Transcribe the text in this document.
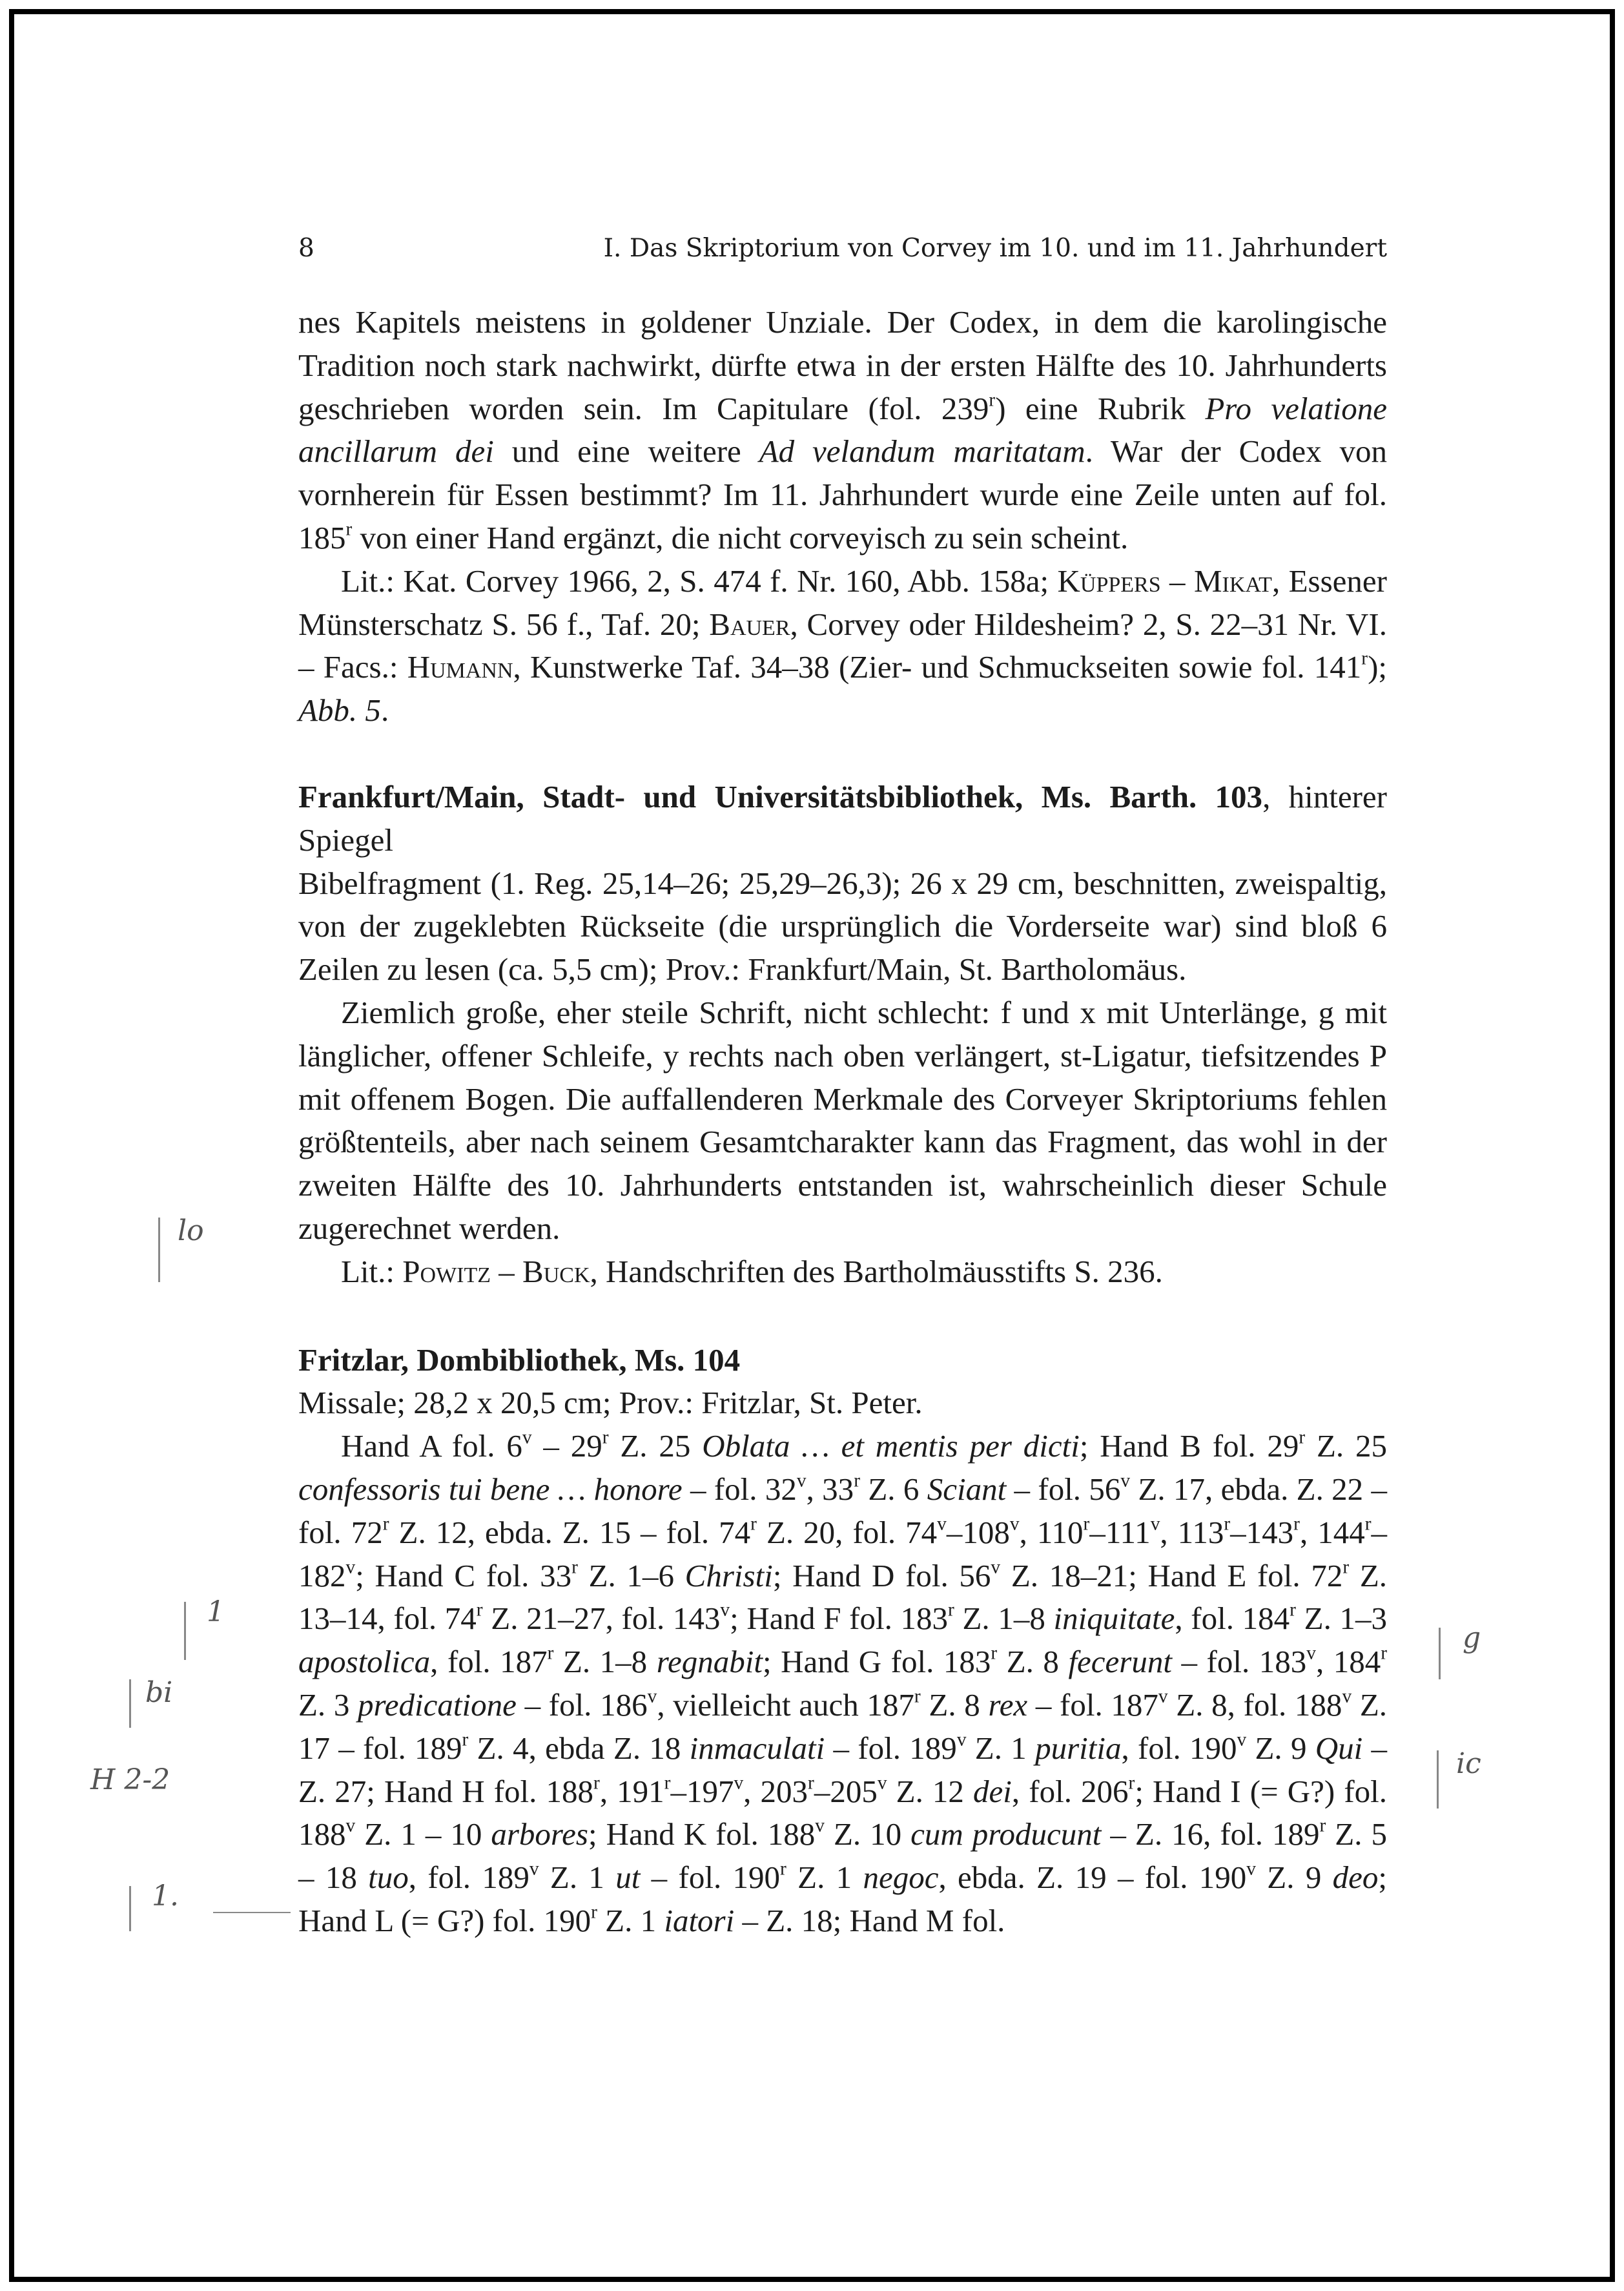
8	I. Das Skriptorium von Corvey im 10. und im 11. Jahrhundert

nes Kapitels meistens in goldener Unziale. Der Codex, in dem die karolingische Tradition noch stark nachwirkt, dürfte etwa in der ersten Hälfte des 10. Jahrhunderts geschrieben worden sein. Im Capitulare (fol. 239$^r$) eine Rubrik Pro velatione ancillarum dei und eine weitere Ad velandum maritatam. War der Codex von vornherein für Essen bestimmt? Im 11. Jahrhundert wurde eine Zeile unten auf fol. 185$^r$ von einer Hand ergänzt, die nicht corveyisch zu sein scheint.

Lit.: Kat. Corvey 1966, 2, S. 474 f. Nr. 160, Abb. 158a; Küppers – Mikat, Essener Münsterschatz S. 56 f., Taf. 20; Bauer, Corvey oder Hildesheim? 2, S. 22–31 Nr. VI. – Facs.: Humann, Kunstwerke Taf. 34–38 (Zier- und Schmuckseiten sowie fol. 141$^r$); Abb. 5.

Frankfurt/Main, Stadt- und Universitätsbibliothek, Ms. Barth. 103, hinterer Spiegel

Bibelfragment (1. Reg. 25,14–26; 25,29–26,3); 26 x 29 cm, beschnitten, zweispaltig, von der zugeklebten Rückseite (die ursprünglich die Vorderseite war) sind bloß 6 Zeilen zu lesen (ca. 5,5 cm); Prov.: Frankfurt/Main, St. Bartholomäus.

Ziemlich große, eher steile Schrift, nicht schlecht: f und x mit Unterlänge, g mit länglicher, offener Schleife, y rechts nach oben verlängert, st-Ligatur, tiefsitzendes P mit offenem Bogen. Die auffallenderen Merkmale des Corveyer Skriptoriums fehlen größtenteils, aber nach seinem Gesamtcharakter kann das Fragment, das wohl in der zweiten Hälfte des 10. Jahrhunderts entstanden ist, wahrscheinlich dieser Schule zugerechnet werden.

Lit.: Powitz – Buck, Handschriften des Bartholmäusstifts S. 236.

Fritzlar, Dombibliothek, Ms. 104

Missale; 28,2 x 20,5 cm; Prov.: Fritzlar, St. Peter.

Hand A fol. 6$^v$ – 29$^r$ Z. 25 Oblata … et mentis per dicti; Hand B fol. 29$^r$ Z. 25 confessoris tui bene … honore – fol. 32$^v$, 33$^r$ Z. 6 Sciant – fol. 56$^v$ Z. 17, ebda. Z. 22 – fol. 72$^r$ Z. 12, ebda. Z. 15 – fol. 74$^r$ Z. 20, fol. 74$^v$–108$^v$, 110$^r$–111$^v$, 113$^r$–143$^r$, 144$^r$–182$^v$; Hand C fol. 33$^r$ Z. 1–6 Christi; Hand D fol. 56$^v$ Z. 18–21; Hand E fol. 72$^r$ Z. 13–14, fol. 74$^r$ Z. 21–27, fol. 143$^v$; Hand F fol. 183$^r$ Z. 1–8 iniquitate, fol. 184$^r$ Z. 1–3 apostolica, fol. 187$^r$ Z. 1–8 regnabit; Hand G fol. 183$^r$ Z. 8 fecerunt – fol. 183$^v$, 184$^r$ Z. 3 predicatione – fol. 186$^v$, vielleicht auch 187$^r$ Z. 8 rex – fol. 187$^v$ Z. 8, fol. 188$^v$ Z. 17 – fol. 189$^r$ Z. 4, ebda Z. 18 inmaculati – fol. 189$^v$ Z. 1 puritia, fol. 190$^v$ Z. 9 Qui – Z. 27; Hand H fol. 188$^r$, 191$^r$–197$^v$, 203$^r$–205$^v$ Z. 12 dei, fol. 206$^r$; Hand I (= G?) fol. 188$^v$ Z. 1 – 10 arbores; Hand K fol. 188$^v$ Z. 10 cum producunt – Z. 16, fol. 189$^r$ Z. 5 – 18 tuo, fol. 189$^v$ Z. 1 ut – fol. 190$^r$ Z. 1 negoc, ebda. Z. 19 – fol. 190$^v$ Z. 9 deo; Hand L (= G?) fol. 190$^r$ Z. 1 iatori – Z. 18; Hand M fol.

lo
1
bi
H 2-2
1.
g
ic
